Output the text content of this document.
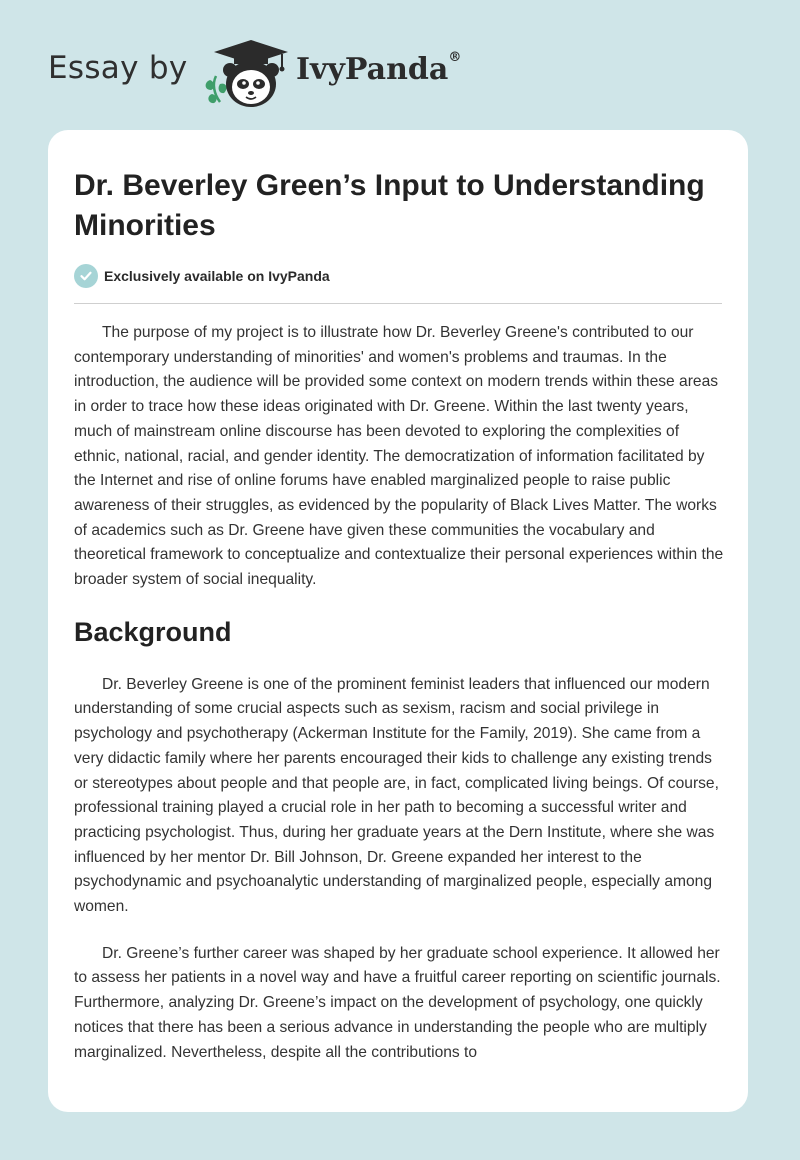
Essay by	IvyPanda®
Dr. Beverley Green’s Input to Understanding Minorities
Exclusively available on IvyPanda

The purpose of my project is to illustrate how Dr. Beverley Greene's contributed to our contemporary understanding of minorities' and women's problems and traumas. In the introduction, the audience will be provided some context on modern trends within these areas in order to trace how these ideas originated with Dr. Greene. Within the last twenty years, much of mainstream online discourse has been devoted to exploring the complexities of ethnic, national, racial, and gender identity. The democratization of information facilitated by the Internet and rise of online forums have enabled marginalized people to raise public awareness of their struggles, as evidenced by the popularity of Black Lives Matter. The works of academics such as Dr. Greene have given these communities the vocabulary and theoretical framework to conceptualize and contextualize their personal experiences within the broader system of social inequality.

Background

Dr. Beverley Greene is one of the prominent feminist leaders that influenced our modern understanding of some crucial aspects such as sexism, racism and social privilege in psychology and psychotherapy (Ackerman Institute for the Family, 2019). She came from a very didactic family where her parents encouraged their kids to challenge any existing trends or stereotypes about people and that people are, in fact, complicated living beings. Of course, professional training played a crucial role in her path to becoming a successful writer and practicing psychologist. Thus, during her graduate years at the Dern Institute, where she was influenced by her mentor Dr. Bill Johnson, Dr. Greene expanded her interest to the psychodynamic and psychoanalytic understanding of marginalized people, especially among women.

Dr. Greene’s further career was shaped by her graduate school experience. It allowed her to assess her patients in a novel way and have a fruitful career reporting on scientific journals. Furthermore, analyzing Dr. Greene’s impact on the development of psychology, one quickly notices that there has been a serious advance in understanding the people who are multiply marginalized. Nevertheless, despite all the contributions to
